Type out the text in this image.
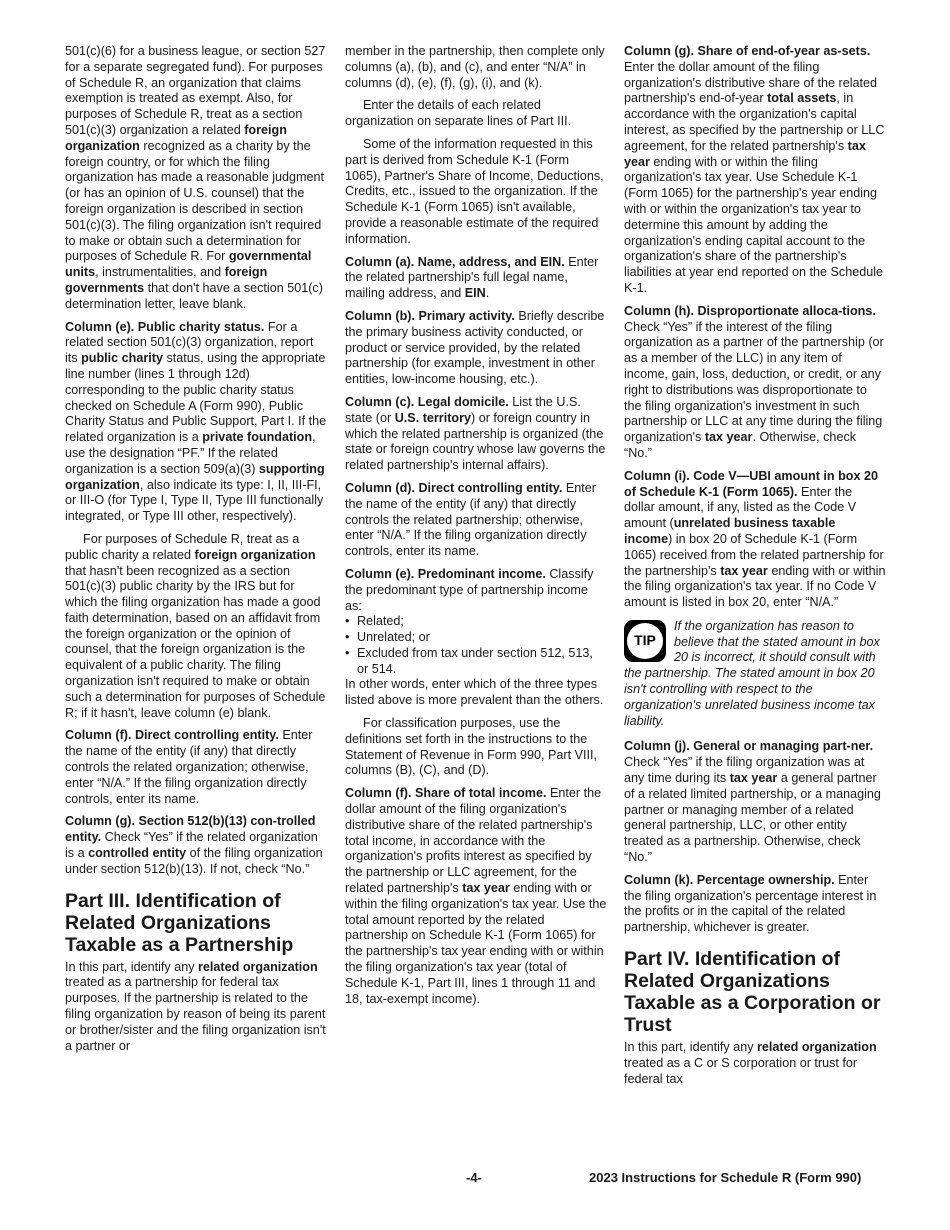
501(c)(6) for a business league, or section 527 for a separate segregated fund). For purposes of Schedule R, an organization that claims exemption is treated as exempt. Also, for purposes of Schedule R, treat as a section 501(c)(3) organization a related foreign organization recognized as a charity by the foreign country, or for which the filing organization has made a reasonable judgment (or has an opinion of U.S. counsel) that the foreign organization is described in section 501(c)(3). The filing organization isn't required to make or obtain such a determination for purposes of Schedule R. For governmental units, instrumentalities, and foreign governments that don't have a section 501(c) determination letter, leave blank.

Column (e). Public charity status. For a related section 501(c)(3) organization, report its public charity status, using the appropriate line number (lines 1 through 12d) corresponding to the public charity status checked on Schedule A (Form 990), Public Charity Status and Public Support, Part I. If the related organization is a private foundation, use the designation “PF.” If the related organization is a section 509(a)(3) supporting organization, also indicate its type: I, II, III-FI, or III-O (for Type I, Type II, Type III functionally integrated, or Type III other, respectively).

For purposes of Schedule R, treat as a public charity a related foreign organization that hasn't been recognized as a section 501(c)(3) public charity by the IRS but for which the filing organization has made a good faith determination, based on an affidavit from the foreign organization or the opinion of counsel, that the foreign organization is the equivalent of a public charity. The filing organization isn't required to make or obtain such a determination for purposes of Schedule R; if it hasn't, leave column (e) blank.

Column (f). Direct controlling entity. Enter the name of the entity (if any) that directly controls the related organization; otherwise, enter “N/A.” If the filing organization directly controls, enter its name.

Column (g). Section 512(b)(13) con-trolled entity. Check “Yes” if the related organization is a controlled entity of the filing organization under section 512(b)(13). If not, check “No.”

Part III. Identification of Related Organizations Taxable as a Partnership

In this part, identify any related organization treated as a partnership for federal tax purposes. If the partnership is related to the filing organization by reason of being its parent or brother/sister and the filing organization isn't a partner or

member in the partnership, then complete only columns (a), (b), and (c), and enter “N/A” in columns (d), (e), (f), (g), (i), and (k).

Enter the details of each related organization on separate lines of Part III.

Some of the information requested in this part is derived from Schedule K-1 (Form 1065), Partner's Share of Income, Deductions, Credits, etc., issued to the organization. If the Schedule K-1 (Form 1065) isn't available, provide a reasonable estimate of the required information.

Column (a). Name, address, and EIN. Enter the related partnership's full legal name, mailing address, and EIN.

Column (b). Primary activity. Briefly describe the primary business activity conducted, or product or service provided, by the related partnership (for example, investment in other entities, low-income housing, etc.).

Column (c). Legal domicile. List the U.S. state (or U.S. territory) or foreign country in which the related partnership is organized (the state or foreign country whose law governs the related partnership's internal affairs).

Column (d). Direct controlling entity. Enter the name of the entity (if any) that directly controls the related partnership; otherwise, enter “N/A.” If the filing organization directly controls, enter its name.

Column (e). Predominant income. Classify the predominant type of partnership income as:
• Related;
• Unrelated; or
• Excluded from tax under section 512, 513, or 514.
In other words, enter which of the three types listed above is more prevalent than the others.

For classification purposes, use the definitions set forth in the instructions to the Statement of Revenue in Form 990, Part VIII, columns (B), (C), and (D).

Column (f). Share of total income. Enter the dollar amount of the filing organization's distributive share of the related partnership's total income, in accordance with the organization's profits interest as specified by the partnership or LLC agreement, for the related partnership's tax year ending with or within the filing organization's tax year. Use the total amount reported by the related partnership on Schedule K-1 (Form 1065) for the partnership's tax year ending with or within the filing organization's tax year (total of Schedule K-1, Part III, lines 1 through 11 and 18, tax-exempt income).

Column (g). Share of end-of-year as-sets. Enter the dollar amount of the filing organization's distributive share of the related partnership's end-of-year total assets, in accordance with the organization's capital interest, as specified by the partnership or LLC agreement, for the related partnership's tax year ending with or within the filing organization's tax year. Use Schedule K-1 (Form 1065) for the partnership's year ending with or within the organization's tax year to determine this amount by adding the organization's ending capital account to the organization's share of the partnership's liabilities at year end reported on the Schedule K-1.

Column (h). Disproportionate alloca-tions. Check “Yes” if the interest of the filing organization as a partner of the partnership (or as a member of the LLC) in any item of income, gain, loss, deduction, or credit, or any right to distributions was disproportionate to the filing organization's investment in such partnership or LLC at any time during the filing organization's tax year. Otherwise, check “No.”

Column (i). Code V—UBI amount in box 20 of Schedule K-1 (Form 1065). Enter the dollar amount, if any, listed as the Code V amount (unrelated business taxable income) in box 20 of Schedule K-1 (Form 1065) received from the related partnership for the partnership's tax year ending with or within the filing organization's tax year. If no Code V amount is listed in box 20, enter “N/A.”

TIP
If the organization has reason to believe that the stated amount in box 20 is incorrect, it should consult with the partnership. The stated amount in box 20 isn't controlling with respect to the organization's unrelated business income tax liability.

Column (j). General or managing part-ner. Check “Yes” if the filing organization was at any time during its tax year a general partner of a related limited partnership, or a managing partner or managing member of a related general partnership, LLC, or other entity treated as a partnership. Otherwise, check “No.”

Column (k). Percentage ownership. Enter the filing organization's percentage interest in the profits or in the capital of the related partnership, whichever is greater.

Part IV. Identification of Related Organizations Taxable as a Corporation or Trust

In this part, identify any related organization treated as a C or S corporation or trust for federal tax

-4-	2023 Instructions for Schedule R (Form 990)
